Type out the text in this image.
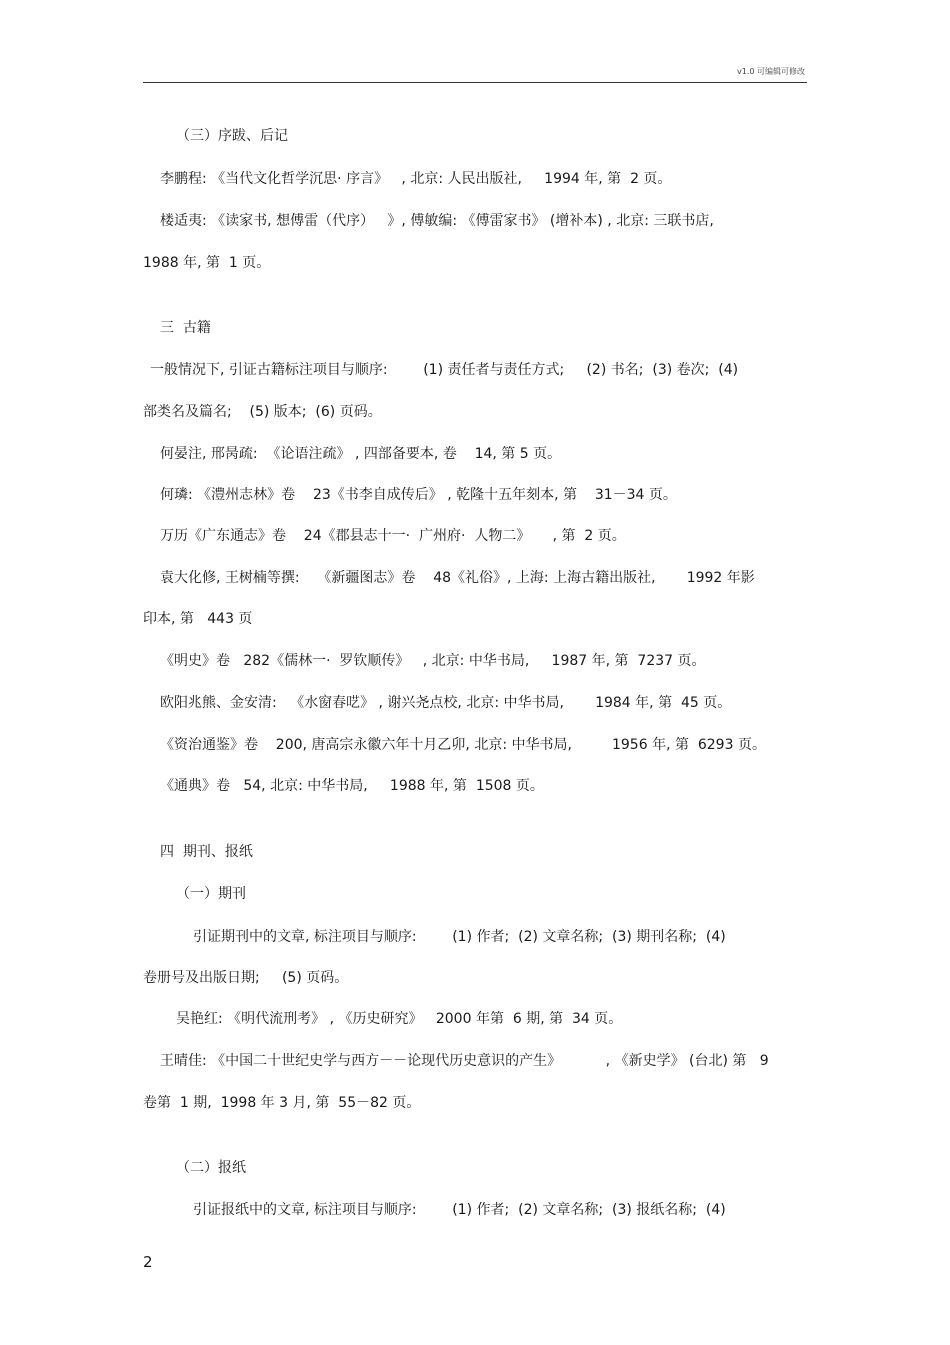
v1.0 可编辑可修改
（三）序跋、后记
李鹏程: 《当代文化哲学沉思· 序言》   , 北京: 人民出版社,     1994 年, 第  2 页。
楼适夷: 《读家书, 想傅雷（代序）   》, 傅敏编: 《傅雷家书》 (增补本) , 北京: 三联书店,
1988 年, 第  1 页。
三  古籍
一般情况下, 引证古籍标注项目与顺序:        (1) 责任者与责任方式;     (2) 书名;  (3) 卷次;  (4)
部类名及篇名;    (5) 版本;  (6) 页码。
何晏注, 邢昺疏:  《论语注疏》 , 四部备要本, 卷    14, 第 5 页。
何璘: 《澧州志林》卷    23《书李自成传后》 , 乾隆十五年刻本, 第    31－34 页。
万历《广东通志》卷    24《郡县志十一·  广州府·  人物二》     , 第  2 页。
袁大化修, 王树楠等撰:    《新疆图志》卷    48《礼俗》, 上海: 上海古籍出版社,       1992 年影
印本, 第   443 页
《明史》卷   282《儒林一·  罗钦顺传》   , 北京: 中华书局,     1987 年, 第  7237 页。
欧阳兆熊、金安清:   《水窗春呓》 , 谢兴尧点校, 北京: 中华书局,       1984 年, 第  45 页。
《资治通鉴》卷    200, 唐高宗永徽六年十月乙卯, 北京: 中华书局,         1956 年, 第  6293 页。
《通典》卷   54, 北京: 中华书局,     1988 年, 第  1508 页。
四  期刊、报纸
（一）期刊
引证期刊中的文章, 标注项目与顺序:        (1) 作者;  (2) 文章名称;  (3) 期刊名称;  (4)
卷册号及出版日期;     (5) 页码。
吴艳红: 《明代流刑考》 , 《历史研究》   2000 年第  6 期, 第  34 页。
王晴佳: 《中国二十世纪史学与西方－－论现代历史意识的产生》          , 《新史学》 (台北) 第   9
卷第  1 期,  1998 年 3 月, 第  55－82 页。
（二）报纸
引证报纸中的文章, 标注项目与顺序:        (1) 作者;  (2) 文章名称;  (3) 报纸名称;  (4)
2
